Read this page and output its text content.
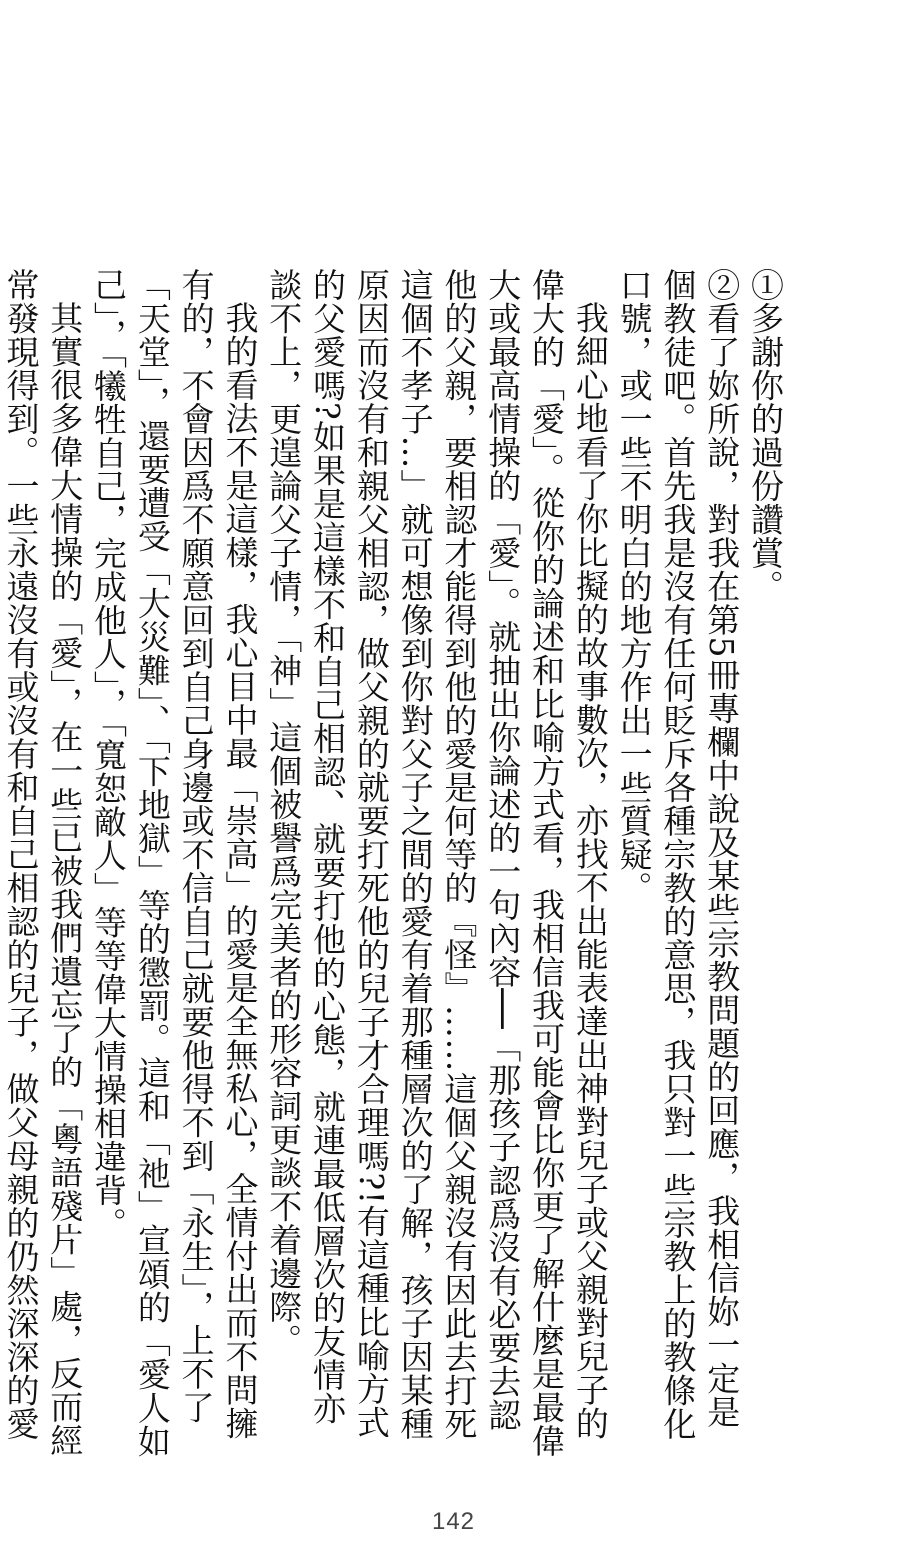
①多謝你的過份讚賞。

②看了妳所說，對我在第5冊專欄中說及某些宗教問題的回應，我相信妳一定是個教徒吧。首先我是沒有任何貶斥各種宗教的意思，我只對一些宗教上的教條化口號，或一些不明白的地方作出一些質疑。

我細心地看了你比擬的故事數次，亦找不出能表達出神對兒子或父親對兒子的偉大的「愛」。從你的論述和比喻方式看，我相信我可能會比你更了解什麼是最偉大或最高情操的「愛」。就抽出你論述的一句內容──「那孩子認爲沒有必要去認他的父親，要相認才能得到他的愛是何等的『怪』……這個父親沒有因此去打死這個不孝子…」就可想像到你對父子之間的愛有着那種層次的了解，孩子因某種原因而沒有和親父相認，做父親的就要打死他的兒子才合理嗎?!有這種比喻方式的父愛嗎?如果是這樣不和自己相認、就要打他的心態，就連最低層次的友情亦談不上，更遑論父子情，「神」這個被譽爲完美者的形容詞更談不着邊際。

我的看法不是這樣，我心目中最「崇高」的愛是全無私心，全情付出而不問擁有的，不會因爲不願意回到自己身邊或不信自己就要他得不到「永生」，上不了「天堂」，還要遭受「大災難」、「下地獄」等的懲罰。這和「祂」宣頌的「愛人如己」，「犧牲自己，完成他人」，「寬恕敵人」等等偉大情操相違背。

其實很多偉大情操的「愛」，在一些已被我們遺忘了的「粵語殘片」處，反而經常發現得到。一些永遠沒有或沒有和自己相認的兒子，做父母親的仍然深深的愛

142
